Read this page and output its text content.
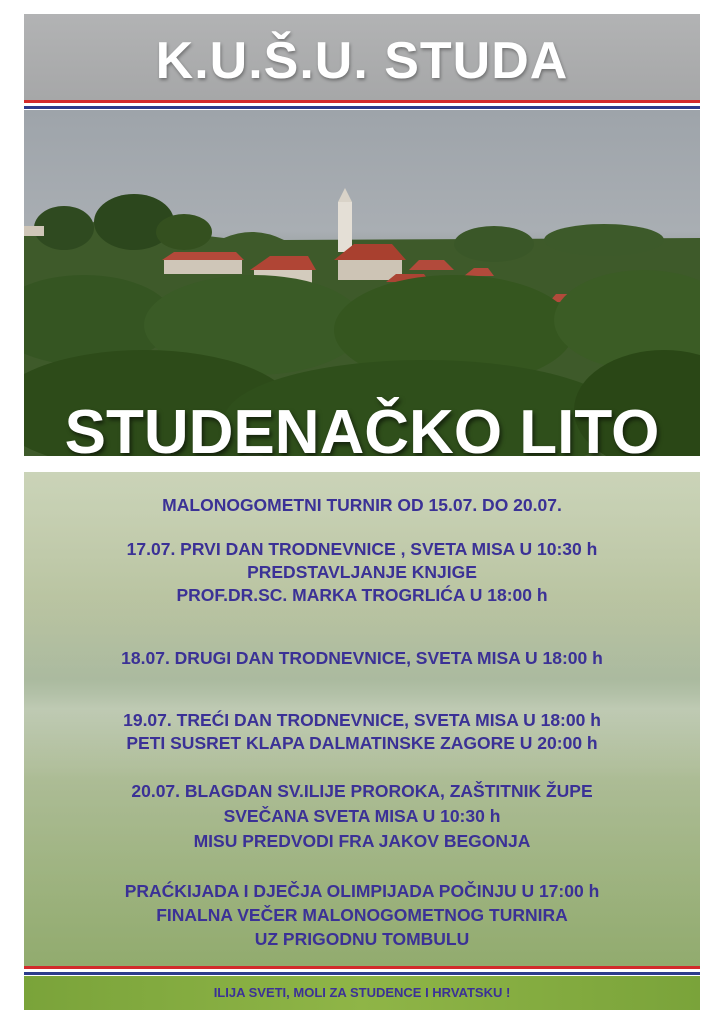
K.U.Š.U. STUDA
STUDENAČKO LITO
MALONOGOMETNI TURNIR OD 15.07. DO 20.07.
17.07. PRVI DAN TRODNEVNICE , SVETA MISA U 10:30 h
PREDSTAVLJANJE KNJIGE
PROF.DR.SC. MARKA TROGRLIĆA U 18:00 h
18.07. DRUGI DAN TRODNEVNICE, SVETA MISA U 18:00 h
19.07. TREĆI DAN TRODNEVNICE, SVETA MISA U 18:00 h
PETI SUSRET KLAPA DALMATINSKE ZAGORE U 20:00 h
20.07. BLAGDAN SV.ILIJE PROROKA, ZAŠTITNIK ŽUPE
SVEČANA SVETA MISA U 10:30 h
MISU PREDVODI FRA JAKOV BEGONJA
PRAĆKIJADA I DJEČJA OLIMPIJADA POČINJU U 17:00 h
FINALNA VEČER MALONOGOMETNOG TURNIRA
UZ PRIGODNU TOMBULU
ILIJA SVETI, MOLI ZA STUDENCE I HRVATSKU !
